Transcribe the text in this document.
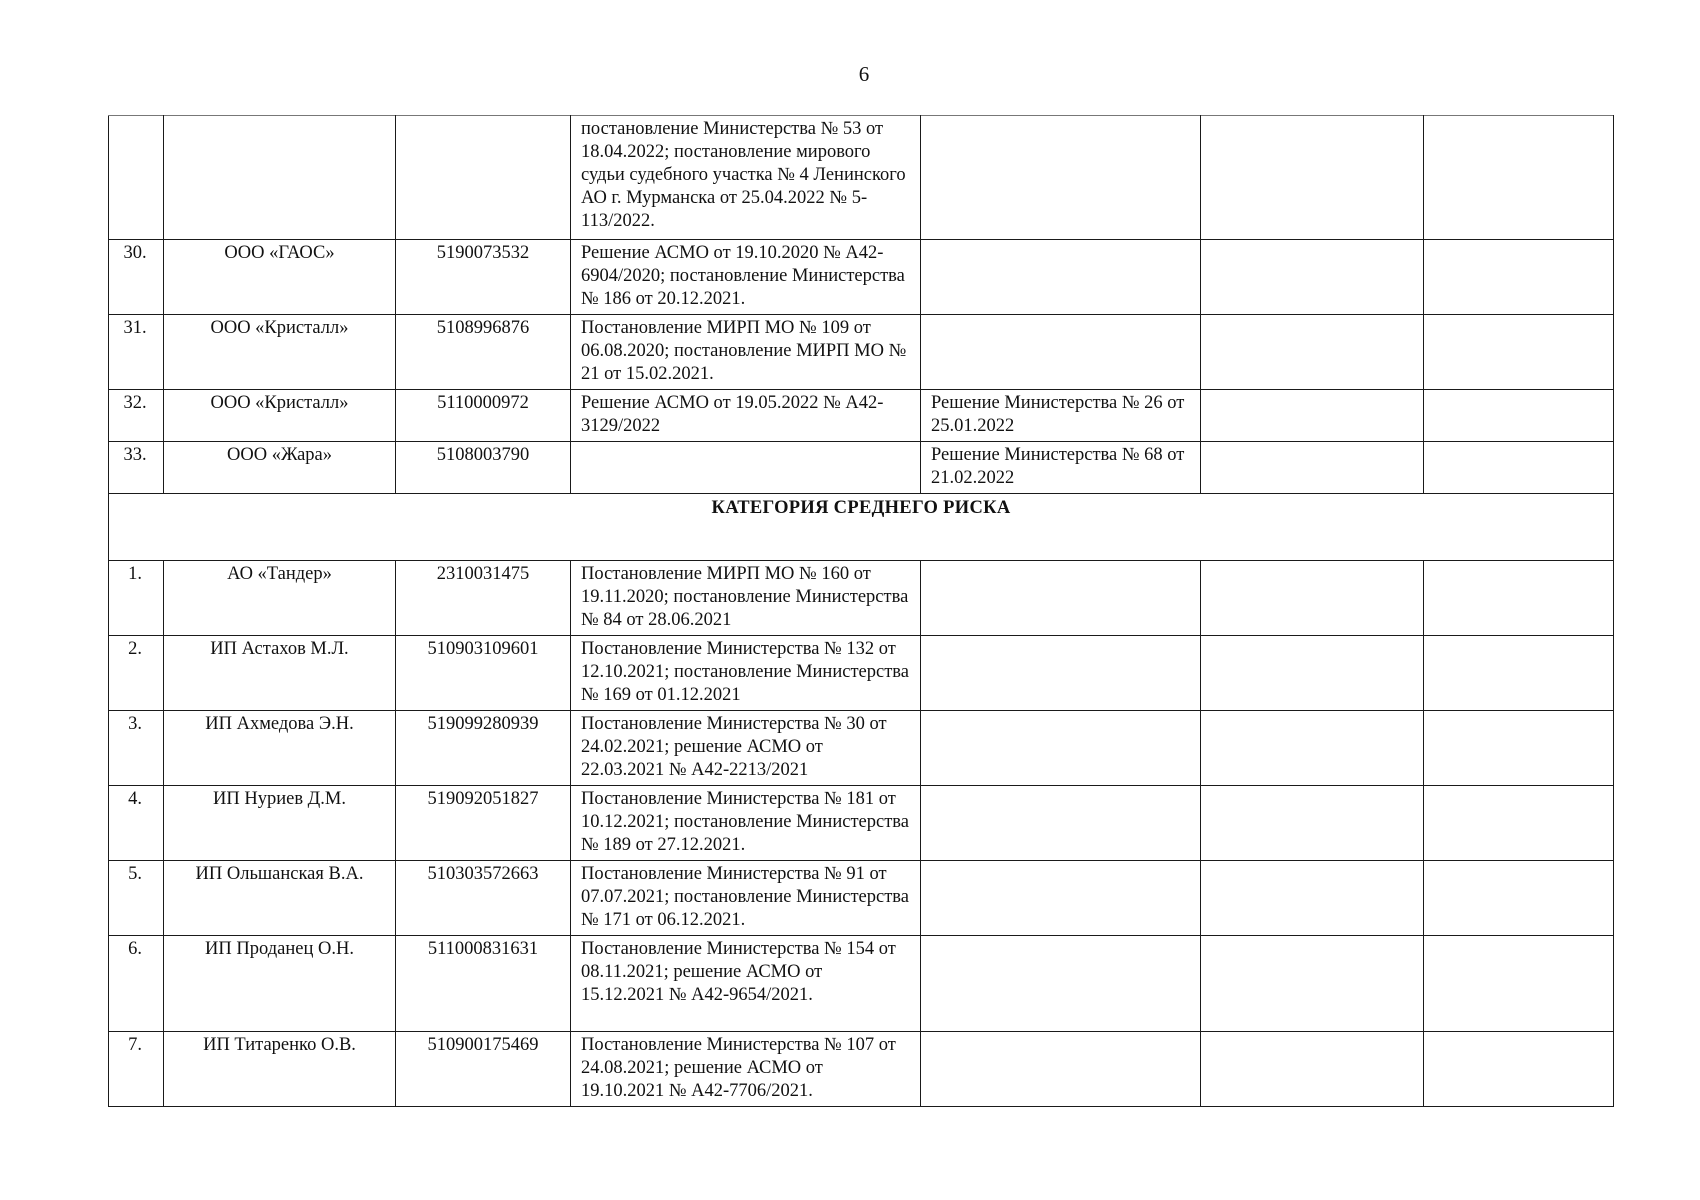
6
			постановление Министерства № 53 от 18.04.2022; постановление мирового судьи судебного участка № 4 Ленинского АО г. Мурманска от 25.04.2022 № 5-113/2022.			
30.	ООО «ГАОС»	5190073532	Решение АСМО от 19.10.2020 № А42-6904/2020; постановление Министерства № 186 от 20.12.2021.			
31.	ООО «Кристалл»	5108996876	Постановление МИРП МО № 109 от 06.08.2020; постановление МИРП МО № 21 от 15.02.2021.			
32.	ООО «Кристалл»	5110000972	Решение АСМО от 19.05.2022 № А42-3129/2022	Решение Министерства № 26 от 25.01.2022		
33.	ООО «Жара»	5108003790		Решение Министерства № 68 от 21.02.2022		
КАТЕГОРИЯ СРЕДНЕГО РИСКА						
1.	АО «Тандер»	2310031475	Постановление МИРП МО № 160 от 19.11.2020; постановление Министерства № 84 от 28.06.2021			
2.	ИП Астахов М.Л.	510903109601	Постановление Министерства № 132 от 12.10.2021; постановление Министерства № 169 от 01.12.2021			
3.	ИП Ахмедова Э.Н.	519099280939	Постановление Министерства № 30 от 24.02.2021; решение АСМО от 22.03.2021 № А42-2213/2021			
4.	ИП Нуриев Д.М.	519092051827	Постановление Министерства № 181 от 10.12.2021; постановление Министерства № 189 от 27.12.2021.			
5.	ИП Ольшанская В.А.	510303572663	Постановление Министерства № 91 от 07.07.2021; постановление Министерства № 171 от 06.12.2021.			
6.	ИП Проданец О.Н.	511000831631	Постановление Министерства № 154 от 08.11.2021; решение АСМО от 15.12.2021 № А42-9654/2021.			
7.	ИП Титаренко О.В.	510900175469	Постановление Министерства № 107 от 24.08.2021; решение АСМО от 19.10.2021 № А42-7706/2021.			
